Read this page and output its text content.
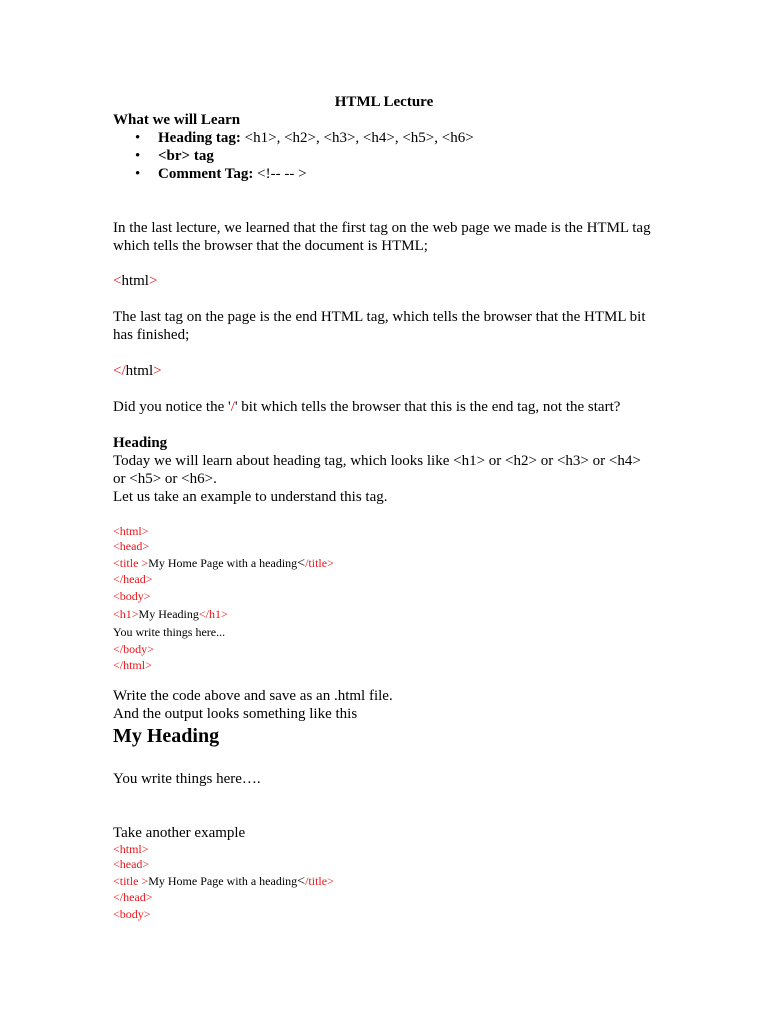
HTML Lecture
What we will Learn
• Heading tag: <h1>, <h2>, <h3>, <h4>, <h5>, <h6>
• <br> tag
• Comment Tag: <!-- -- >
In the last lecture, we learned that the first tag on the web page we made is the HTML tag
which tells the browser that the document is HTML;
<html>
The last tag on the page is the end HTML tag, which tells the browser that the HTML bit
has finished;
</html>
Did you notice the '/' bit which tells the browser that this is the end tag, not the start?
Heading
Today we will learn about heading tag, which looks like <h1> or <h2> or <h3> or <h4>
or <h5> or <h6>.
Let us take an example to understand this tag.
<html>
<head>
<title >My Home Page with a heading</title>
</head>
<body>
<h1>My Heading</h1>
You write things here...
</body>
</html>
Write the code above and save as an .html file.
And the output looks something like this
My Heading
You write things here….
Take another example
<html>
<head>
<title >My Home Page with a heading</title>
</head>
<body>
